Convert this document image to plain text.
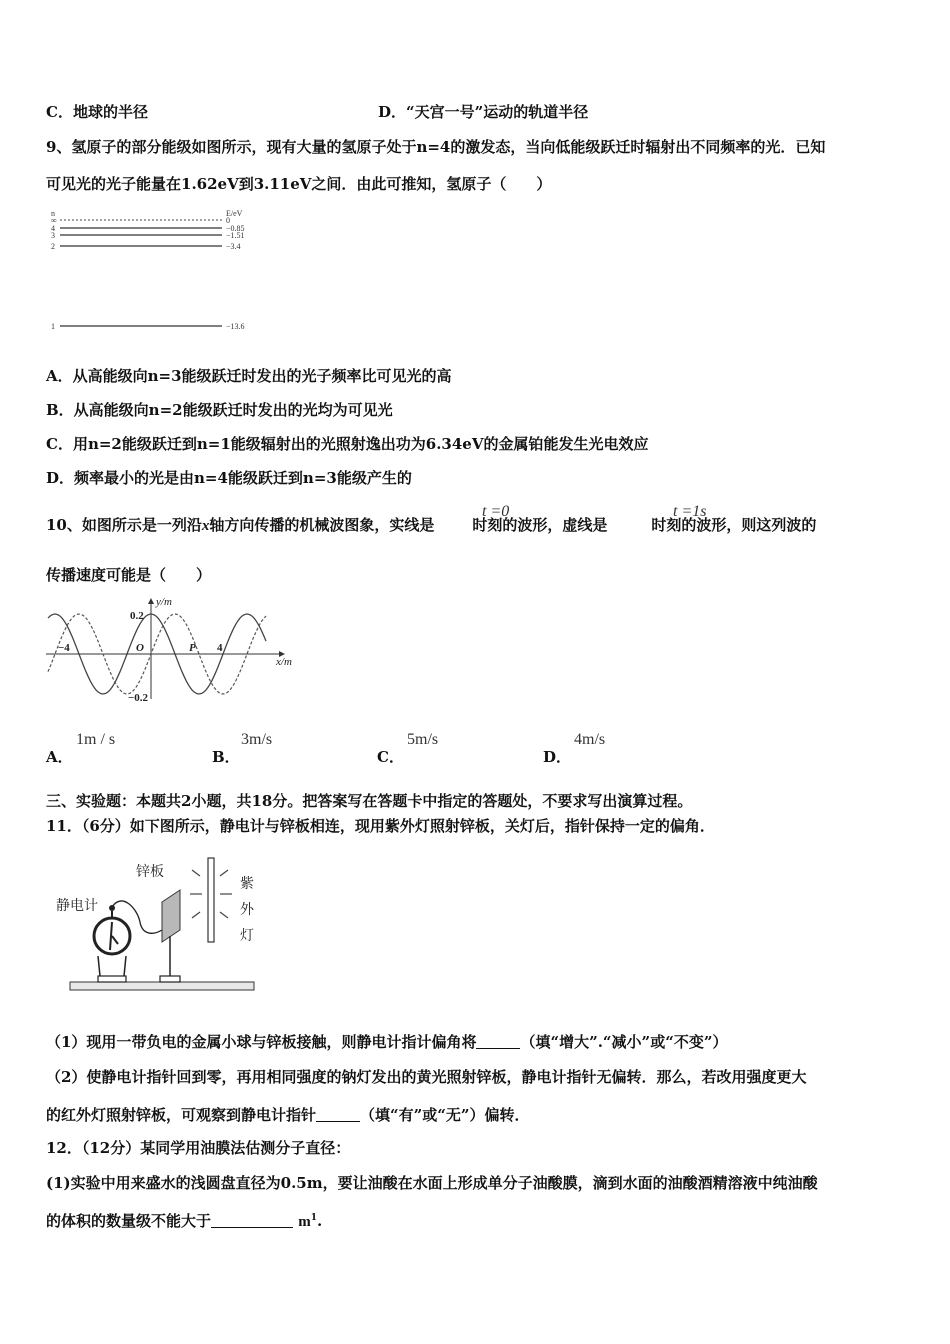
C．地球的半径	D．“天宫一号”运动的轨道半径
9、氢原子的部分能级如图所示，现有大量的氢原子处于n=4的激发态，当向低能级跃迁时辐射出不同频率的光．已知
可见光的光子能量在1.62eV到3.11eV之间．由此可推知，氢原子（　　）
n	E/eV
∞	0
4	−0.85
3	−1.51
2	−3.4
1	−13.6
A．从高能级向n=3能级跃迁时发出的光子频率比可见光的高
B．从高能级向n=2能级跃迁时发出的光均为可见光
C．用n=2能级跃迁到n=1能级辐射出的光照射逸出功为6.34eV的金属铂能发生光电效应
D．频率最小的光是由n=4能级跃迁到n=3能级产生的
10、如图所示是一列沿x轴方向传播的机械波图象，实线是	时刻的波形，虚线是	时刻的波形，则这列波的
t =0	t =1s
传播速度可能是（　　）
y/m
x/m
0.2
−0.2
−4	O	P 4
A．
1m / s
B．
3m/s
C．
5m/s
D．
4m/s
三、实验题：本题共2小题，共18分。把答案写在答题卡中指定的答题处，不要求写出演算过程。
11．（6分）如下图所示，静电计与锌板相连，现用紫外灯照射锌板，关灯后，指针保持一定的偏角．
锌板
静电计
紫
外
灯
（1）现用一带负电的金属小球与锌板接触，则静电计指计偏角将	（填“增大”.“减小”或“不变”）
（2）使静电计指针回到零，再用相同强度的钠灯发出的黄光照射锌板，静电计指针无偏转．那么，若改用强度更大
的红外灯照射锌板，可观察到静电计指针	（填“有”或“无”）偏转．
12．（12分）某同学用油膜法估测分子直径：
(1)实验中用来盛水的浅圆盘直径为0.5m，要让油酸在水面上形成单分子油酸膜，滴到水面的油酸酒精溶液中纯油酸
的体积的数量级不能大于	$m^1$.
